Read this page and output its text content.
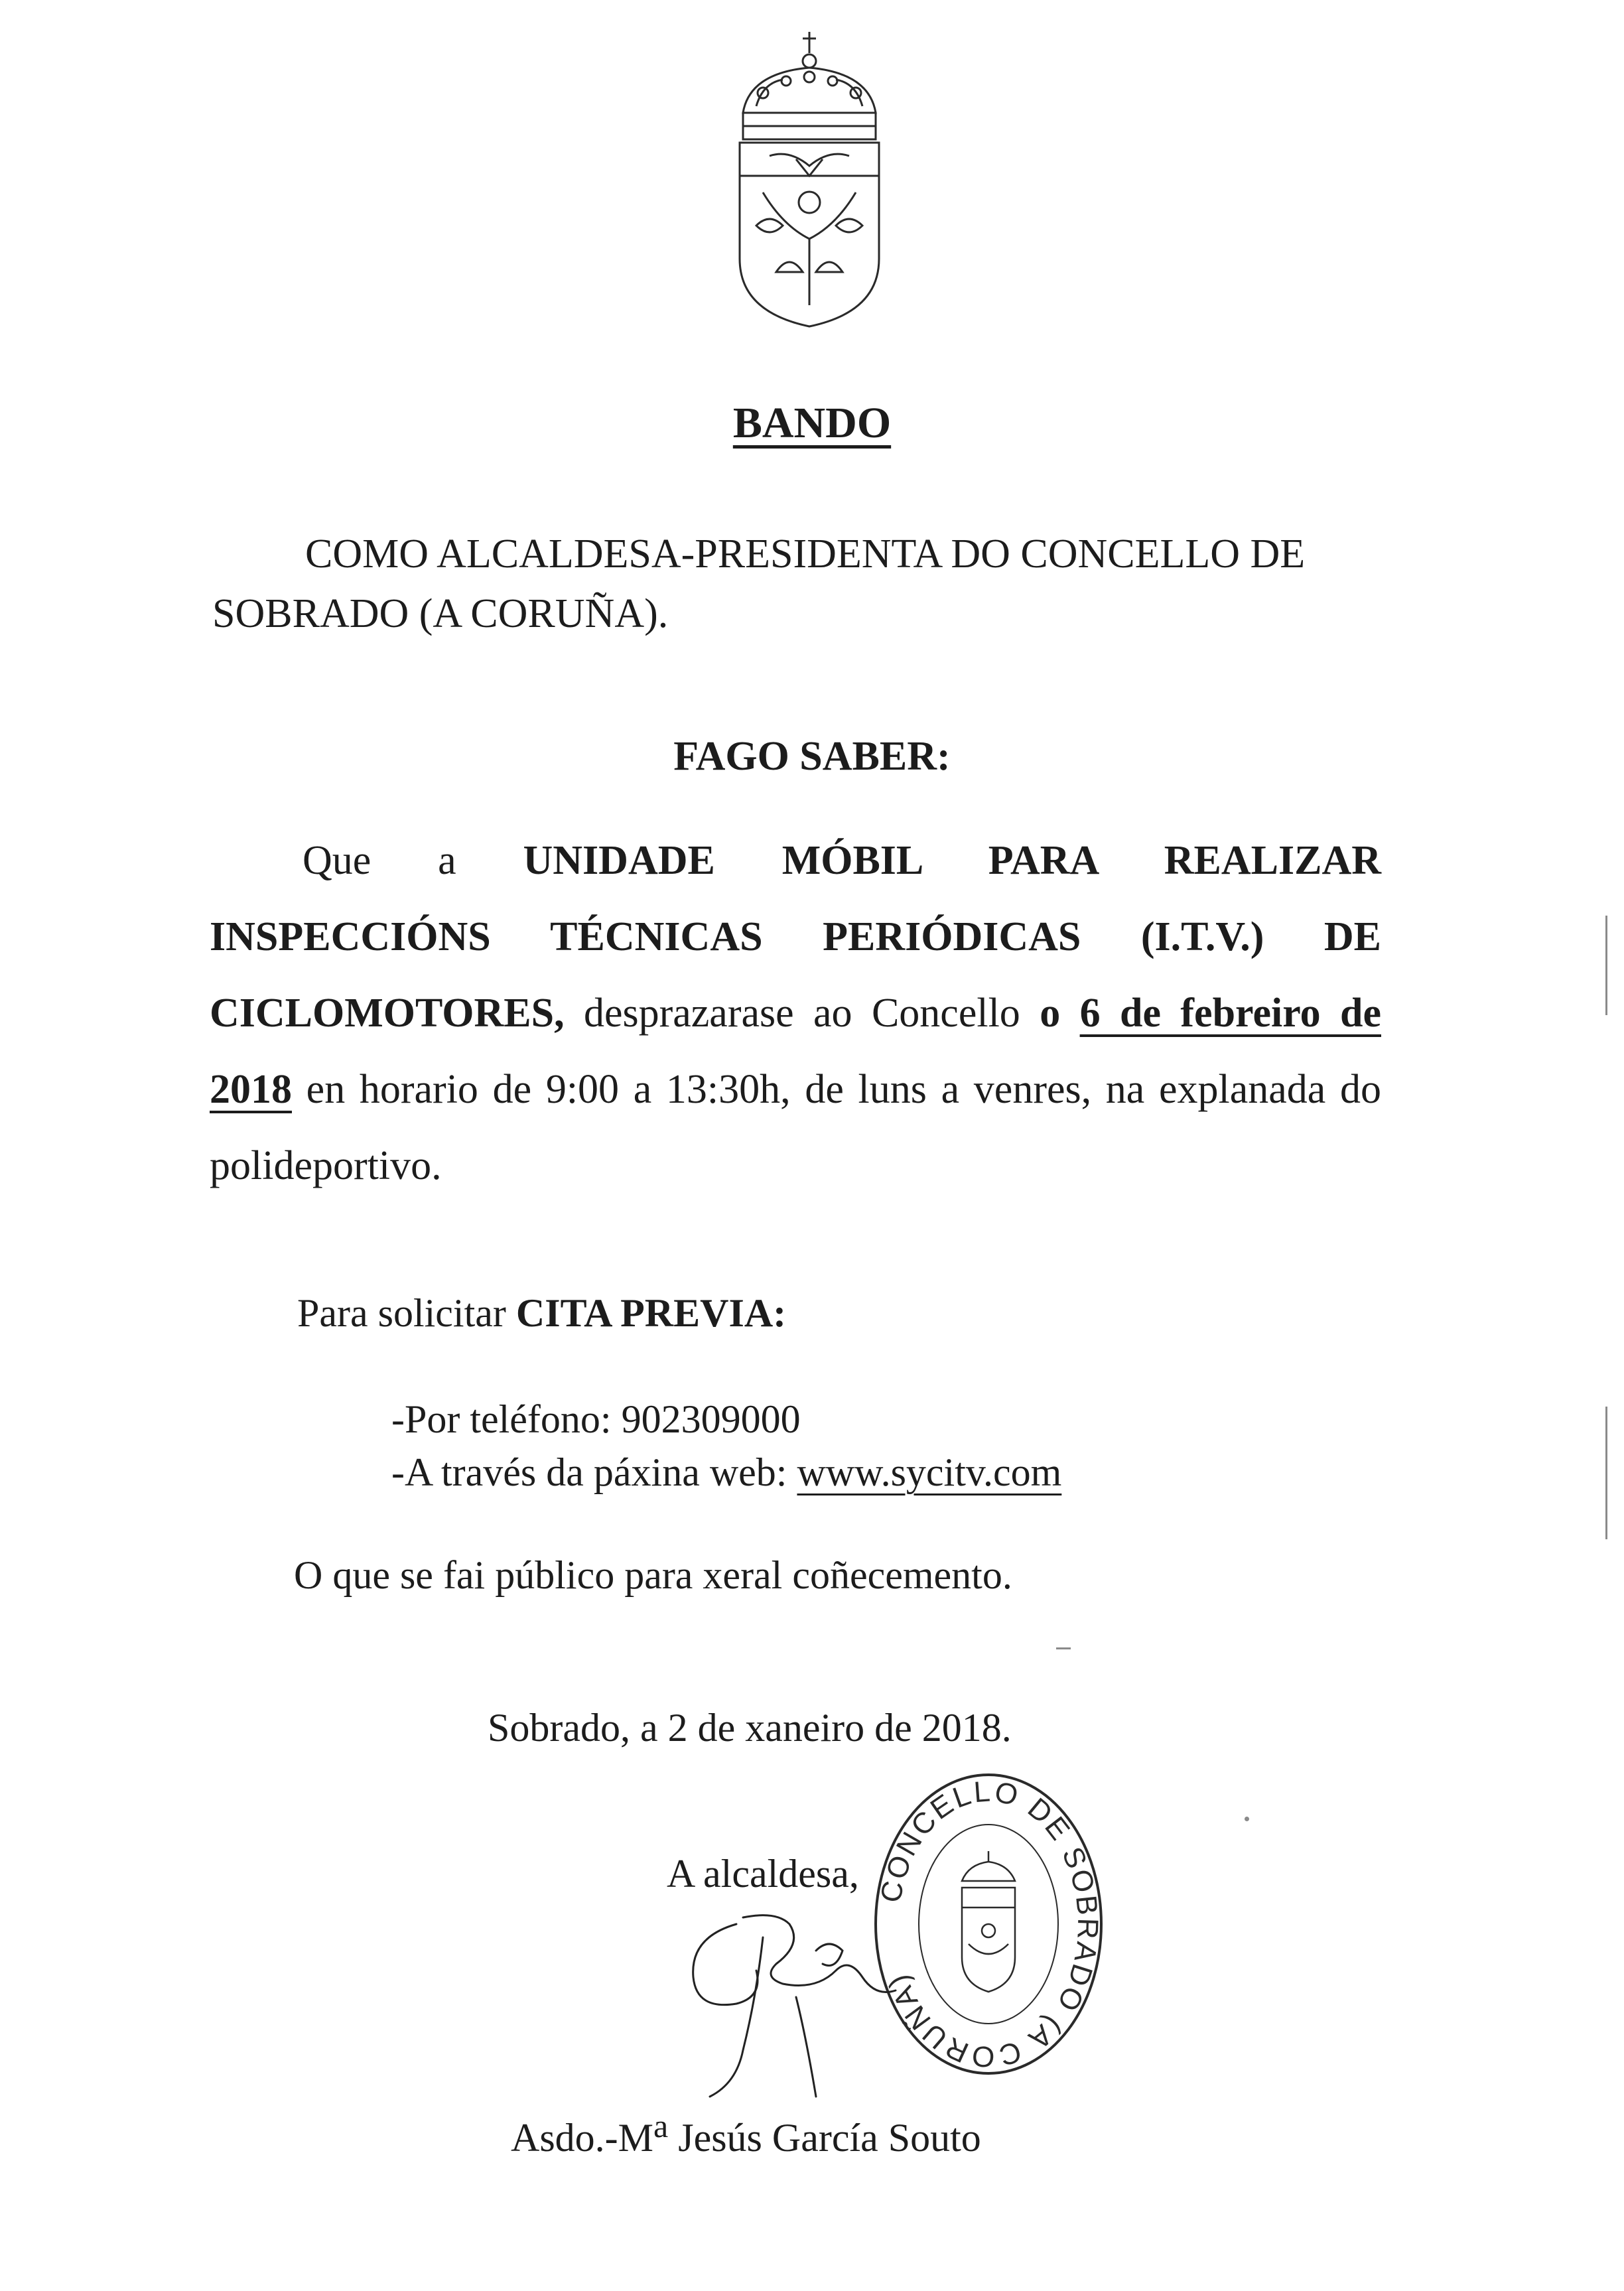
BANDO
COMO ALCALDESA-PRESIDENTA DO CONCELLO DE SOBRADO (A CORUÑA).
FAGO SABER:
Que a UNIDADE MÓBIL PARA REALIZAR INSPECCIÓNS TÉCNICAS PERIÓDICAS (I.T.V.) DE CICLOMOTORES, desprazarase ao Concello o 6 de febreiro de 2018 en horario de 9:00 a 13:30h, de luns a venres, na explanada do polideportivo.
Para solicitar CITA PREVIA:
-Por teléfono: 902309000
-A través da páxina web: www.sycitv.com
O que se fai público para xeral coñecemento.
Sobrado, a 2 de xaneiro de 2018.
A alcaldesa, CONCELLO DE SOBRADO (A CORUÑA)
$Asdo.-M^a$ Jesús García Souto
